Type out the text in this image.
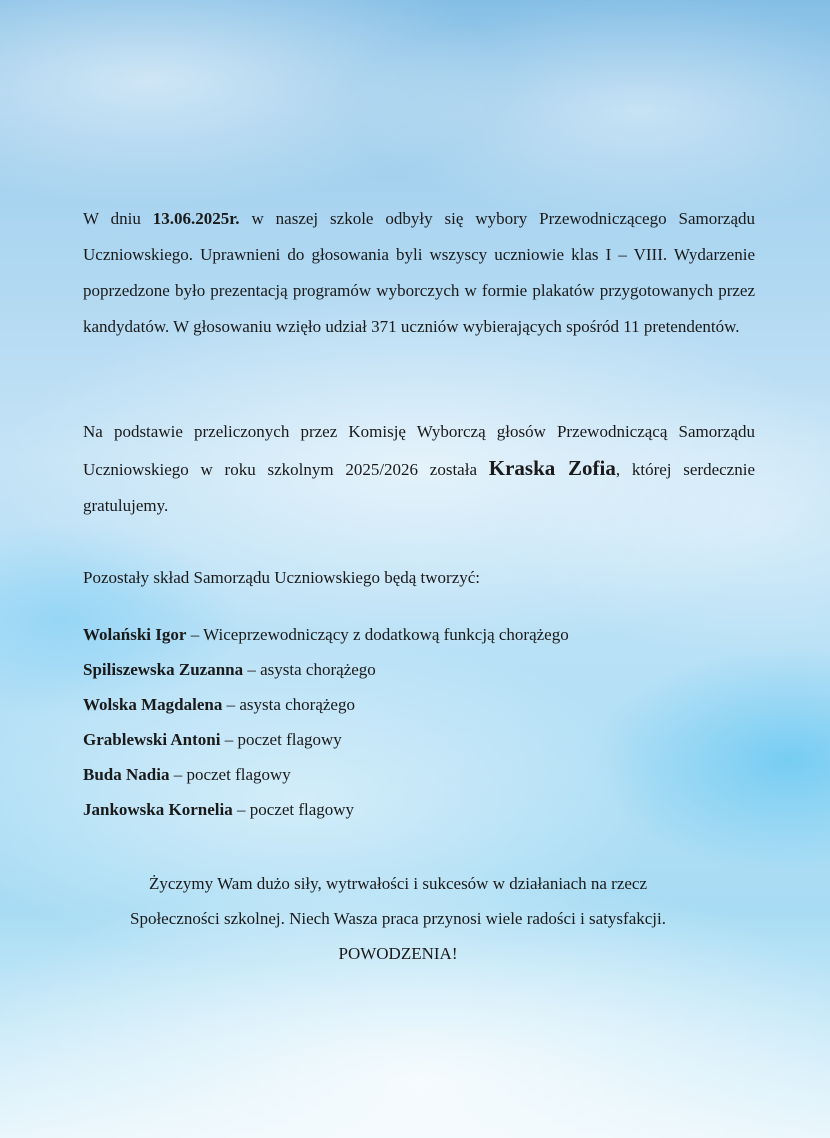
W dniu 13.06.2025r. w naszej szkole odbyły się wybory Przewodniczącego Samorządu Uczniowskiego. Uprawnieni do głosowania byli wszyscy uczniowie klas I – VIII. Wydarzenie poprzedzone było prezentacją programów wyborczych w formie plakatów przygotowanych przez kandydatów. W głosowaniu wzięło udział 371 uczniów wybierających spośród 11 pretendentów.

Na podstawie przeliczonych przez Komisję Wyborczą głosów Przewodniczącą Samorządu Uczniowskiego w roku szkolnym 2025/2026 została Kraska Zofia, której serdecznie gratulujemy.

Pozostały skład Samorządu Uczniowskiego będą tworzyć:

Wolański Igor – Wiceprzewodniczący z dodatkową funkcją chorążego
Spiliszewska Zuzanna – asysta chorążego
Wolska Magdalena – asysta chorążego
Grablewski Antoni – poczet flagowy
Buda Nadia – poczet flagowy
Jankowska Kornelia – poczet flagowy
Życzymy Wam dużo siły, wytrwałości i sukcesów w działaniach na rzecz
Społeczności szkolnej. Niech Wasza praca przynosi wiele radości i satysfakcji.
POWODZENIA!
